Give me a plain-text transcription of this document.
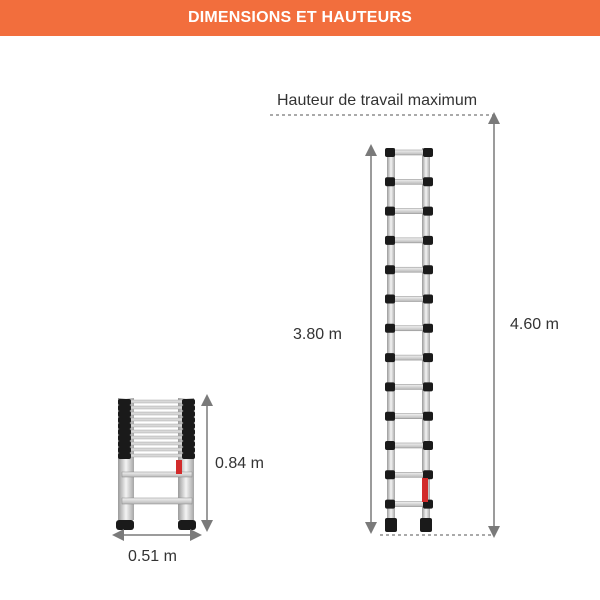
DIMENSIONS ET HAUTEURS
Hauteur de travail maximum
3.80 m
4.60 m
0.84 m
0.51 m
